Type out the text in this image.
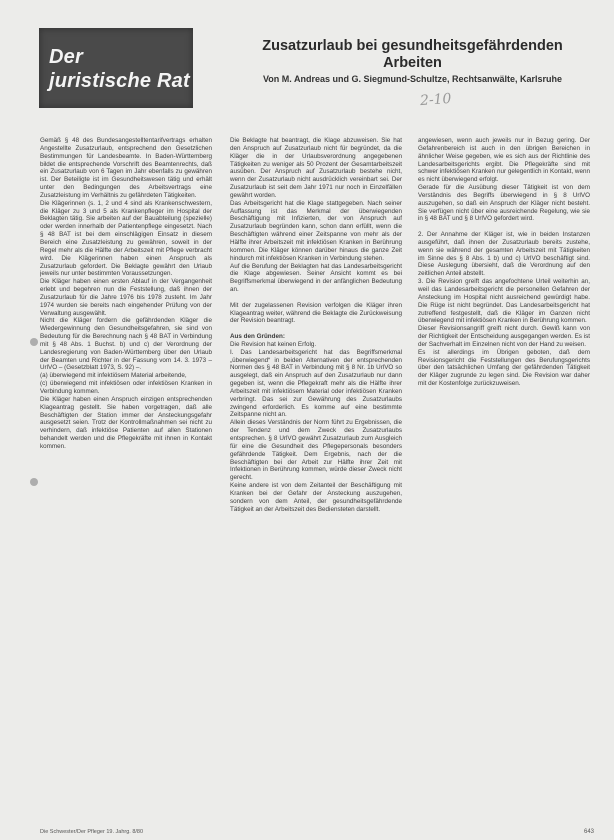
Der
juristische Rat
Zusatzurlaub bei gesundheitsgefährdenden Arbeiten
Von M. Andreas und G. Siegmund-Schultze, Rechtsanwälte, Karlsruhe
2-10

Gemäß § 48 des Bundesangestelltentarifvertrags erhalten Angestellte Zusatzurlaub, entsprechend den Gesetzlichen Bestimmungen für Landesbeamte. In Baden-Württemberg bildet die entsprechende Vorschrift des Beamtenrechts, daß ein Zusatzurlaub von 6 Tagen im Jahr ebenfalls zu gewähren ist. Der Beteiligte ist im Gesundheitswesen tätig und erhält unter den Bedingungen des Arbeitsvertrags eine Zusatzleistung im Verhältnis zu gefährdeten Tätigkeiten.

Die Klägerinnen (s. 1, 2 und 4 sind als Krankenschwestern, die Kläger zu 3 und 5 als Krankenpfleger im Hospital der Beklagten tätig. Sie arbeiten auf der Bauabteilung (spezielle) oder werden innerhalb der Patientenpflege eingesetzt. Nach § 48 BAT ist bei dem einschlägigen Einsatz in diesem Bereich eine Zusatzleistung zu gewähren, soweit in der Regel mehr als die Hälfte der Arbeitszeit mit Pflege verbracht wird. Die Klägerinnen haben einen Anspruch als Zusatzurlaub gefordert. Die Beklagte gewährt den Urlaub jeweils nur unter bestimmten Voraussetzungen.

Die Kläger haben einen ersten Ablauf in der Vergangenheit erlebt und begehren nun die Feststellung, daß ihnen der Zusatzurlaub für die Jahre 1976 bis 1978 zusteht. Im Jahr 1974 wurden sie bereits nach eingehender Prüfung von der Verwaltung ausgewählt.

Nicht die Kläger fordern die gefährdenden Kläger die Wiedergewinnung den Gesundheitsgefahren, sie sind von Bedeutung für die Berechnung nach § 48 BAT in Verbindung mit § 48 Abs. 1 Buchst. b) und c) der Verordnung der Landesregierung von Baden-Württemberg über den Urlaub der Beamten und Richter in der Fassung vom 14. 3. 1973 – UrlVO – (Gesetzblatt 1973, S. 92) –.

(a) überwiegend mit infektiösem Material arbeitende,

(c) überwiegend mit infektiösen oder infektiösen Kranken in Verbindung kommen.

Die Kläger haben einen Anspruch einzigen entsprechenden Klageantrag gestellt. Sie haben vorgetragen, daß alle Beschäftigten der Station immer der Ansteckungsgefahr ausgesetzt seien. Trotz der Kontrollmaßnahmen sei nicht zu verhindern, daß infektiöse Patienten auf allen Stationen behandelt werden und die Pflegekräfte mit ihnen in Kontakt kommen.

Die Beklagte hat beantragt, die Klage abzuweisen. Sie hat den Anspruch auf Zusatzurlaub nicht für begründet, da die Kläger die in der Urlaubsverordnung angegebenen Tätigkeiten zu weniger als 50 Prozent der Gesamtarbeitszeit ausüben. Der Anspruch auf Zusatzurlaub bestehe nicht, wenn der Zusatzurlaub nicht ausdrücklich vereinbart sei. Der Zusatzurlaub ist seit dem Jahr 1971 nur noch in Einzelfällen gewährt worden.

Das Arbeitsgericht hat die Klage stattgegeben. Nach seiner Auffassung ist das Merkmal der überwiegenden Beschäftigung mit Infizierten, der von Anspruch auf Zusatzurlaub begründen kann, schon dann erfüllt, wenn die Beschäftigten während einer Zeitspanne von mehr als der Hälfte ihrer Arbeitszeit mit infektiösen Kranken in Berührung kommen. Die Kläger können darüber hinaus die ganze Zeit hindurch mit infektiösen Kranken in Verbindung stehen.

Auf die Berufung der Beklagten hat das Landesarbeitsgericht die Klage abgewiesen. Seiner Ansicht kommt es bei Begriffsmerkmal überwiegend in der anfänglichen Bedeutung an.

Mit der zugelassenen Revision verfolgen die Kläger ihren Klageantrag weiter, während die Beklagte die Zurückweisung der Revision beantragt.

Aus den Gründen:

Die Revision hat keinen Erfolg.

I. Das Landesarbeitsgericht hat das Begriffsmerkmal „überwiegend“ in beiden Alternativen der entsprechenden Normen des § 48 BAT in Verbindung mit § 8 Nr. 1b UrlVO so ausgelegt, daß ein Anspruch auf den Zusatzurlaub nur dann gegeben ist, wenn die Pflegekraft mehr als die Hälfte ihrer Arbeitszeit mit infektiösem Material oder infektiösen Kranken verbringt. Das sei zur Gewährung des Zusatzurlaubs zwingend erforderlich. Es komme auf eine bestimmte Zeitspanne nicht an.

Allein dieses Verständnis der Norm führt zu Ergebnissen, die der Tendenz und dem Zweck des Zusatzurlaubs entsprechen. § 8 UrlVO gewährt Zusatzurlaub zum Ausgleich für eine die Gesundheit des Pflegepersonals besonders gefährdende Tätigkeit. Dem Ergebnis, nach der die Beschäftigten bei der Arbeit zur Hälfte ihrer Zeit mit Infektionen in Berührung kommen, würde dieser Zweck nicht gerecht.

Keine andere ist von dem Zeitanteil der Beschäftigung mit Kranken bei der Gefahr der Ansteckung auszugehen, sondern von dem Anteil, der gesundheitsgefährdende Tätigkeit an der Arbeitszeit des Bediensteten darstellt.

angewiesen, wenn auch jeweils nur in Bezug gering. Der Gefahrenbereich ist auch in den übrigen Bereichen in ähnlicher Weise gegeben, wie es sich aus der Richtlinie des Landesarbeitsgerichts ergibt. Die Pflegekräfte sind mit schwer infektiösen Kranken nur gelegentlich in Kontakt, wenn es nicht überwiegend erfolgt.

Gerade für die Ausübung dieser Tätigkeit ist von dem Verständnis des Begriffs überwiegend in § 8 UrlVO auszugehen, so daß ein Anspruch der Kläger nicht besteht. Sie verfügen nicht über eine ausreichende Regelung, wie sie in § 48 BAT und § 8 UrlVO gefordert wird.

2. Der Annahme der Kläger ist, wie in beiden Instanzen ausgeführt, daß ihnen der Zusatzurlaub bereits zustehe, wenn sie während der gesamten Arbeitszeit mit Tätigkeiten im Sinne des § 8 Abs. 1 b) und c) UrlVO beschäftigt sind. Diese Auslegung übersieht, daß die Verordnung auf den zeitlichen Anteil abstellt.

3. Die Revision greift das angefochtene Urteil weiterhin an, weil das Landesarbeitsgericht die personellen Gefahren der Ansteckung im Hospital nicht ausreichend gewürdigt habe. Die Rüge ist nicht begründet. Das Landesarbeitsgericht hat zutreffend festgestellt, daß die Kläger im Ganzen nicht überwiegend mit infektiösen Kranken in Berührung kommen.

Dieser Revisionsangriff greift nicht durch. Gewiß kann von der Richtigkeit der Entscheidung ausgegangen werden. Es ist der Sachverhalt im Einzelnen nicht von der Hand zu weisen.

Es ist allerdings im Übrigen geboten, daß dem Revisionsgericht die Feststellungen des Berufungsgerichts über den tatsächlichen Umfang der gefährdenden Tätigkeit der Kläger zugrunde zu legen sind. Die Revision war daher mit der Kostenfolge zurückzuweisen.

Die Schwester/Der Pfleger 19. Jahrg. 8/80	643
